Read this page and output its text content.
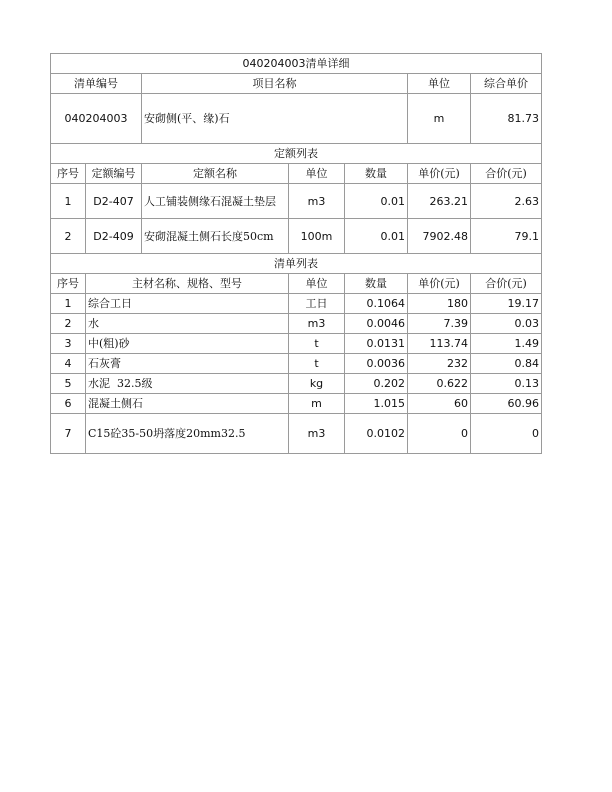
040204003清单详细						
清单编号		项目名称			单位	综合单价
040204003		安砌侧(平、缘)石			m	81.73
定额列表						
序号	定额编号	定额名称	单位	数量	单价(元)	合价(元)
1	D2-407	人工铺装侧缘石混凝土垫层	m3	0.01	263.21	2.63
2	D2-409	安砌混凝土侧石长度50cm	100m	0.01	7902.48	79.1
清单列表						
序号	主材名称、规格、型号		单位	数量	单价(元)	合价(元)
1	综合工日		工日	0.1064	180	19.17
2	水		m3	0.0046	7.39	0.03
3	中(粗)砂		t	0.0131	113.74	1.49
4	石灰膏		t	0.0036	232	0.84
5	水泥  32.5级		kg	0.202	0.622	0.13
6	混凝土侧石		m	1.015	60	60.96
7	C15砼35-50坍落度20mm32.5		m3	0.0102	0	0
